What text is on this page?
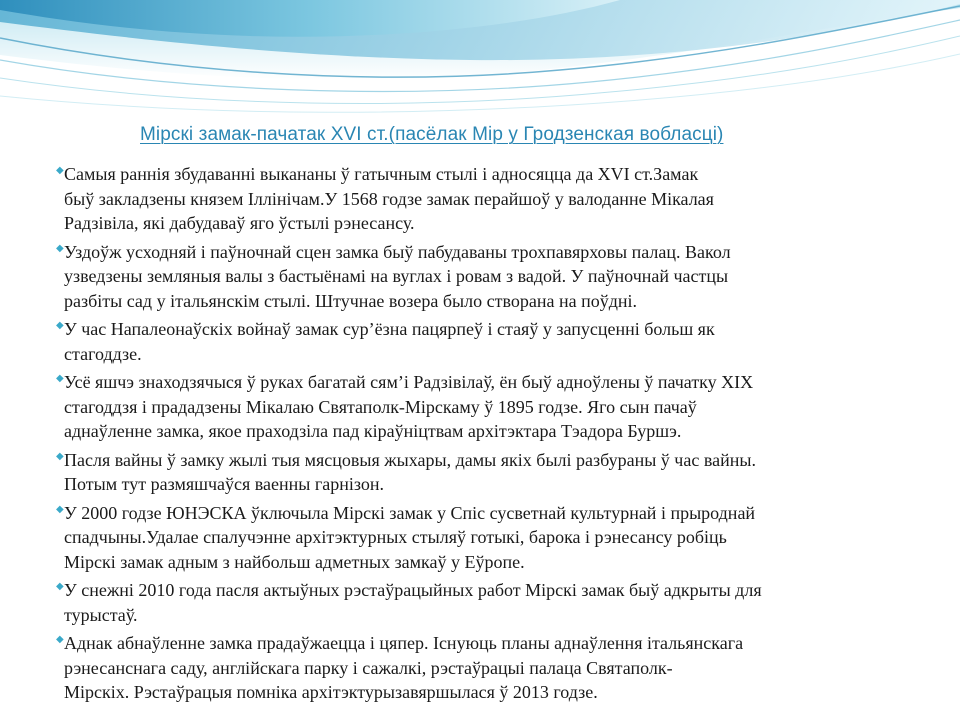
Мірскі замак-пачатак XVI ст.(пасёлак Мір у Гродзенская вобласці)
◆ Самыя раннія збудаванні выкананы ў гатычным стылі і адносяцца да XVI ст.Замак
быў закладзены князем Іллінічам.У 1568 годзе замак перайшоў у валоданне Мікалая
Радзівіла, які дабудаваў яго ўстылі рэнесансу.
◆ Уздоўж усходняй і паўночнай сцен замка быў пабудаваны трохпавярховы палац. Вакол
узведзены земляныя валы з бастыёнамі на вуглах і ровам з вадой. У паўночнай частцы
разбіты сад у італьянскім стылі. Штучнае возера было створана на поўдні.
◆ У час Напалеонаўскіх войнаў замак сур’ёзна пацярпеў і стаяў у запусценні больш як
стагоддзе.
◆ Усё яшчэ знаходзячыся ў руках багатай сям’і Радзівілаў, ён быў адноўлены ў пачатку XIX
стагоддзя і прададзены Мікалаю Святаполк-Мірскаму ў 1895 годзе. Яго сын пачаў
аднаўленне замка, якое праходзіла пад кіраўніцтвам архітэктара Тэадора Буршэ.
◆ Пасля вайны ў замку жылі тыя мясцовыя жыхары, дамы якіх былі разбураны ў час вайны.
Потым тут размяшчаўся ваенны гарнізон.
◆ У 2000 годзе ЮНЭСКА ўключыла Мірскі замак у Спіс сусветнай культурнай і прыроднай
спадчыны.Удалае спалучэнне архітэктурных стыляў готыкі, барока і рэнесансу робіць
Мірскі замак адным з найбольш адметных замкаў у Еўропе.
◆ У снежні 2010 года пасля актыўных рэстаўрацыйных работ Мірскі замак быў адкрыты для
турыстаў.
◆ Аднак абнаўленне замка прадаўжаецца і цяпер. Існуюць планы аднаўлення італьянскага
рэнесанснага саду, англійскага парку і сажалкі, рэстаўрацыі палаца Святаполк-
Мірскіх. Рэстаўрацыя помніка архітэктурызавяршылася ў 2013 годзе.
